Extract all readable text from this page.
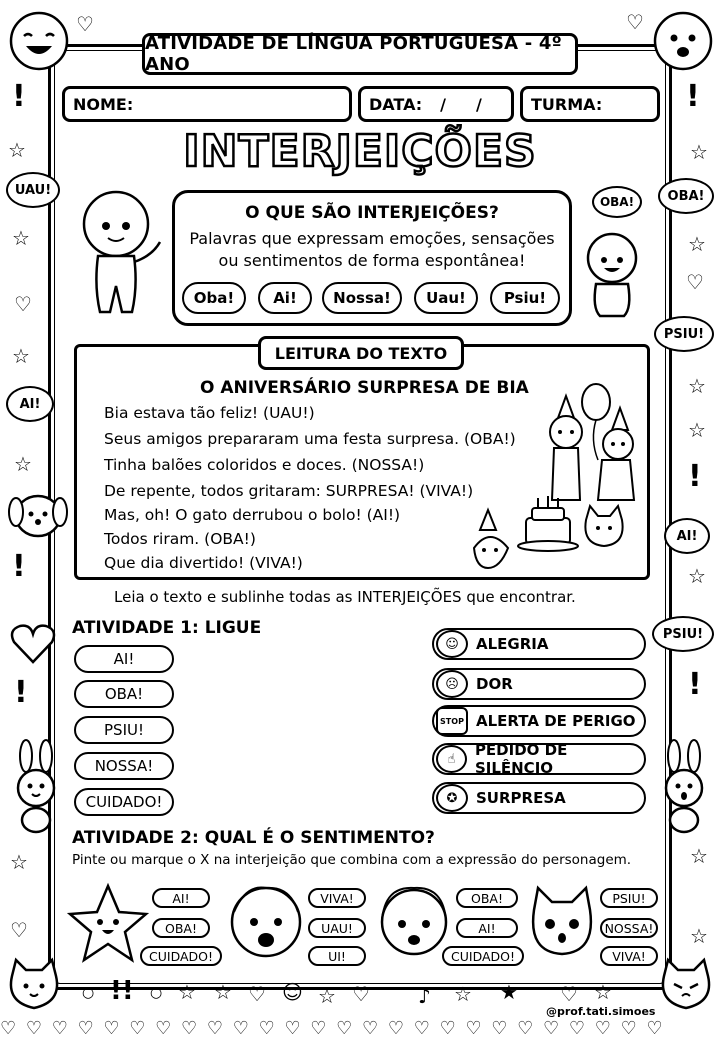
ATIVIDADE DE LÍNGUA PORTUGUESA - 4º ANO
NOME:	DATA: / /	TURMA:
INTERJEIÇÕES
O QUE SÃO INTERJEIÇÕES?
Palavras que expressam emoções, sensações
ou sentimentos de forma espontânea!
Oba!	Ai!	Nossa!	Uau!	Psiu!
UAU!
OBA!	OBA!
PSIU!
AI!
AI!
PSIU!
!	!
☆	☆
☆	☆
♡
♡
☆
☆
☆
☆
!
☆
!
!	!
☆	☆
♡	☆
♡	♡
LEITURA DO TEXTO
O ANIVERSÁRIO SURPRESA DE BIA
Bia estava tão feliz! (UAU!)
Seus amigos prepararam uma festa surpresa. (OBA!)
Tinha balões coloridos e doces. (NOSSA!)
De repente, todos gritaram: SURPRESA! (VIVA!)
Mas, oh! O gato derrubou o bolo! (AI!)
Todos riram. (OBA!)
Que dia divertido! (VIVA!)
Leia o texto e sublinhe todas as INTERJEIÇÕES que encontrar.
ATIVIDADE 1: LIGUE
AI!
OBA!
PSIU!
NOSSA!
CUIDADO!
☺	ALEGRIA
☹	DOR
STOP ALERTA DE PERIGO
☝	PEDIDO DE SILÊNCIO
✪	SURPRESA
ATIVIDADE 2: QUAL É O SENTIMENTO?
Pinte ou marque o X na interjeição que combina com a expressão do personagem.
AI!
OBA!
CUIDADO!
VIVA!
UAU!
UI!
OBA!
AI!
CUIDADO!
PSIU!
NOSSA!
VIVA!
○ !! ○ ☆ ☆ ♡ ☺ ☆ ♡ ♪ ☆ ★ ♡ ☆
♡ ♡ ♡ ♡ ♡ ♡ ♡ ♡ ♡ ♡ ♡ ♡ ♡ ♡ ♡ ♡ ♡ ♡ ♡ ♡ ♡ ♡ ♡ ♡ ♡ ♡
@prof.tati.simoes
